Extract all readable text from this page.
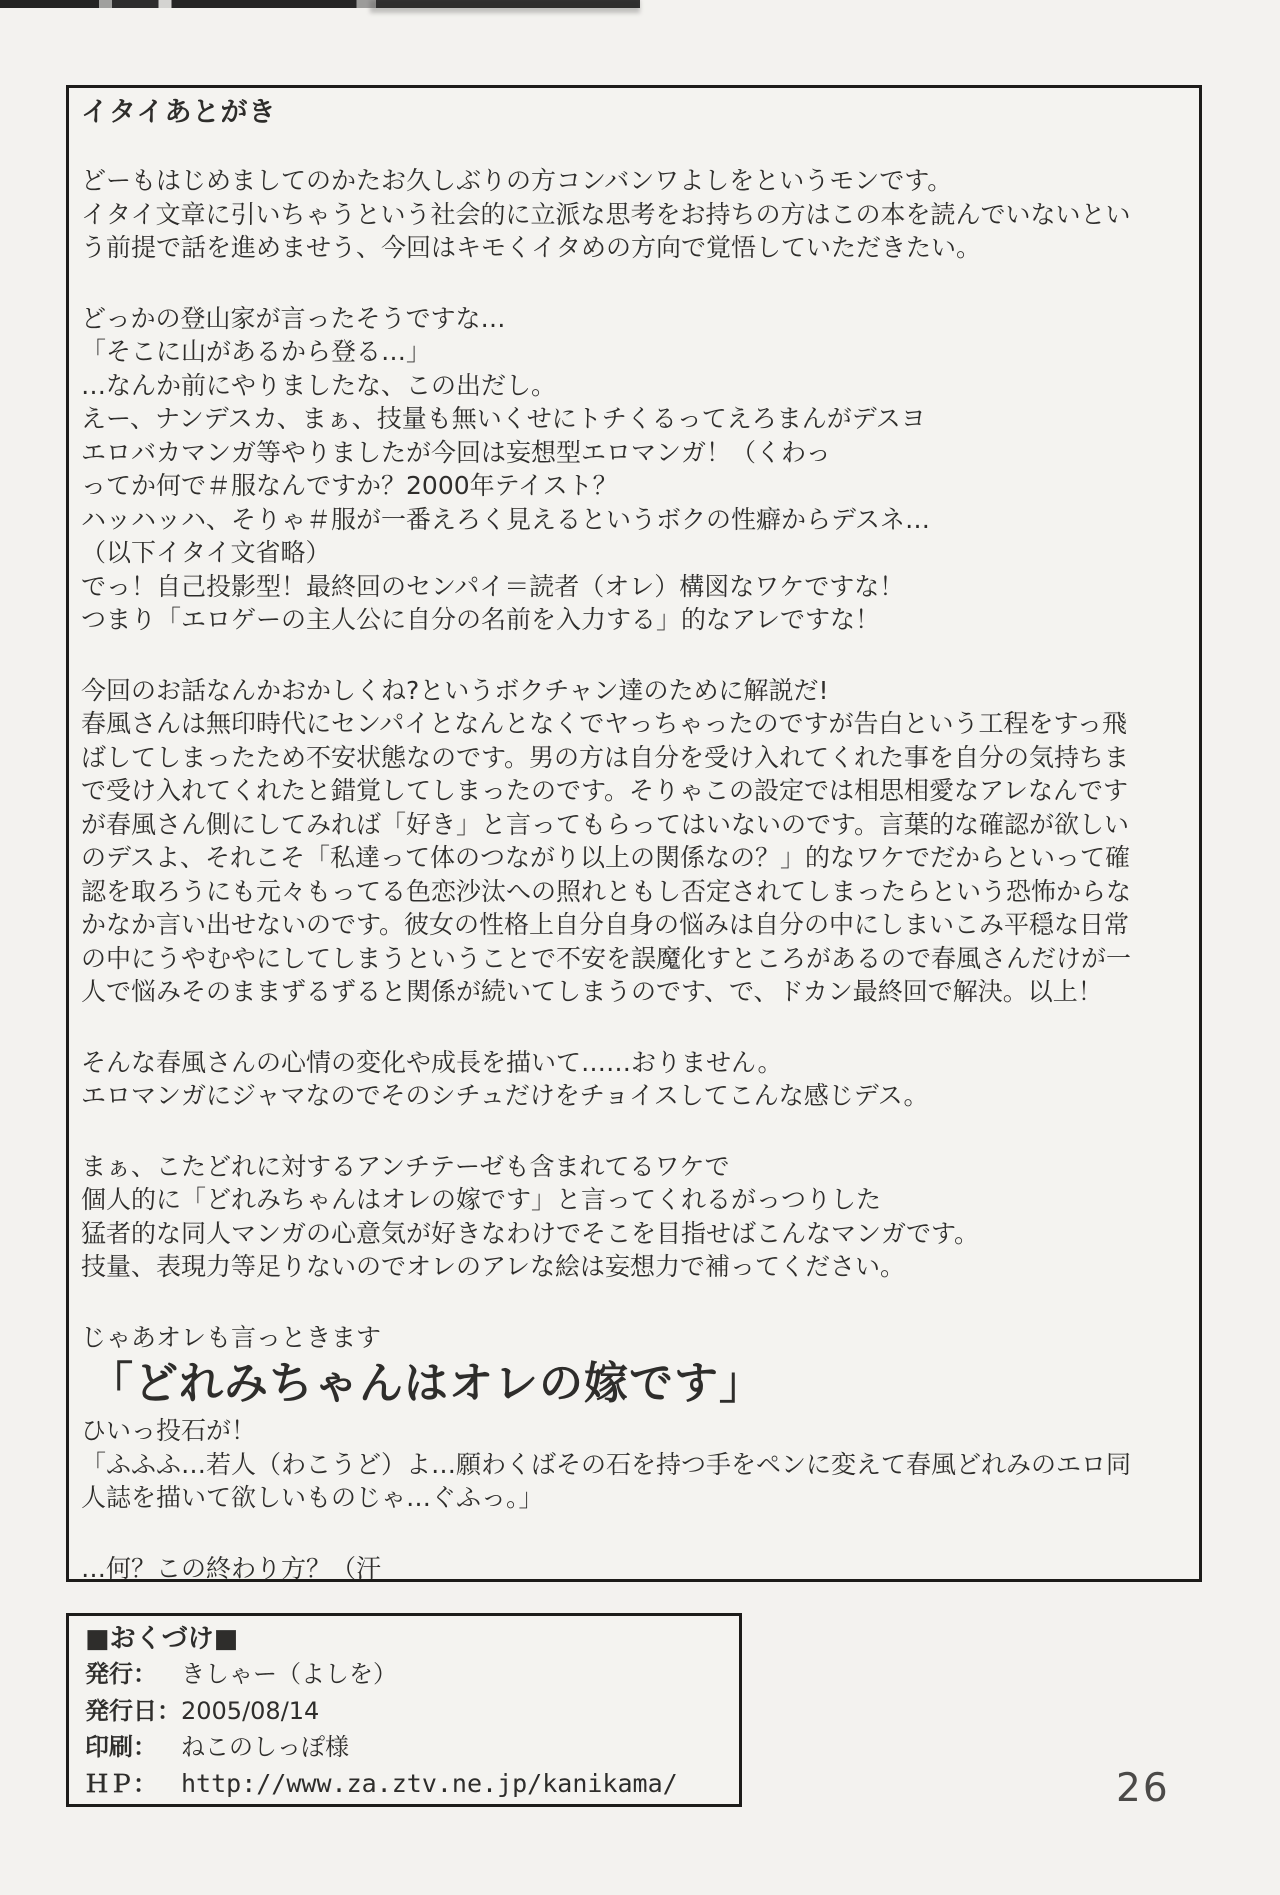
イタイあとがき
どーもはじめましてのかたお久しぶりの方コンバンワよしをというモンです。
イタイ文章に引いちゃうという社会的に立派な思考をお持ちの方はこの本を読んでいないとい
う前提で話を進めませう、今回はキモくイタめの方向で覚悟していただきたい。
どっかの登山家が言ったそうですな…
「そこに山があるから登る…」
…なんか前にやりましたな、この出だし。
えー、ナンデスカ、まぁ、技量も無いくせにトチくるってえろまんがデスヨ
エロバカマンガ等やりましたが今回は妄想型エロマンガ！（くわっ
ってか何で＃服なんですか？2000年テイスト？
ハッハッハ、そりゃ＃服が一番えろく見えるというボクの性癖からデスネ…
（以下イタイ文省略）
でっ！自己投影型！最終回のセンパイ＝読者（オレ）構図なワケですな！
つまり「エロゲーの主人公に自分の名前を入力する」的なアレですな！
今回のお話なんかおかしくね?というボクチャン達のために解説だ!
春風さんは無印時代にセンパイとなんとなくでヤっちゃったのですが告白という工程をすっ飛
ばしてしまったため不安状態なのです。男の方は自分を受け入れてくれた事を自分の気持ちま
で受け入れてくれたと錯覚してしまったのです。そりゃこの設定では相思相愛なアレなんです
が春風さん側にしてみれば「好き」と言ってもらってはいないのです。言葉的な確認が欲しい
のデスよ、それこそ「私達って体のつながり以上の関係なの？」的なワケでだからといって確
認を取ろうにも元々もってる色恋沙汰への照れともし否定されてしまったらという恐怖からな
かなか言い出せないのです。彼女の性格上自分自身の悩みは自分の中にしまいこみ平穏な日常
の中にうやむやにしてしまうということで不安を誤魔化すところがあるので春風さんだけが一
人で悩みそのままずるずると関係が続いてしまうのです、で、ドカン最終回で解決。以上！
そんな春風さんの心情の変化や成長を描いて……おりません。
エロマンガにジャマなのでそのシチュだけをチョイスしてこんな感じデス。
まぁ、こたどれに対するアンチテーゼも含まれてるワケで
個人的に「どれみちゃんはオレの嫁です」と言ってくれるがっつりした
猛者的な同人マンガの心意気が好きなわけでそこを目指せばこんなマンガです。
技量、表現力等足りないのでオレのアレな絵は妄想力で補ってください。
じゃあオレも言っときます
「どれみちゃんはオレの嫁です」
ひいっ投石が！
「ふふふ…若人（わこうど）よ…願わくばその石を持つ手をペンに変えて春風どれみのエロ同
人誌を描いて欲しいものじゃ…ぐふっ。」
…何？この終わり方？（汗
■おくづけ■
発行：	きしゃー（よしを）
発行日： 2005/08/14
印刷：	ねこのしっぽ様
ＨＰ： http://www.za.ztv.ne.jp/kanikama/	26
